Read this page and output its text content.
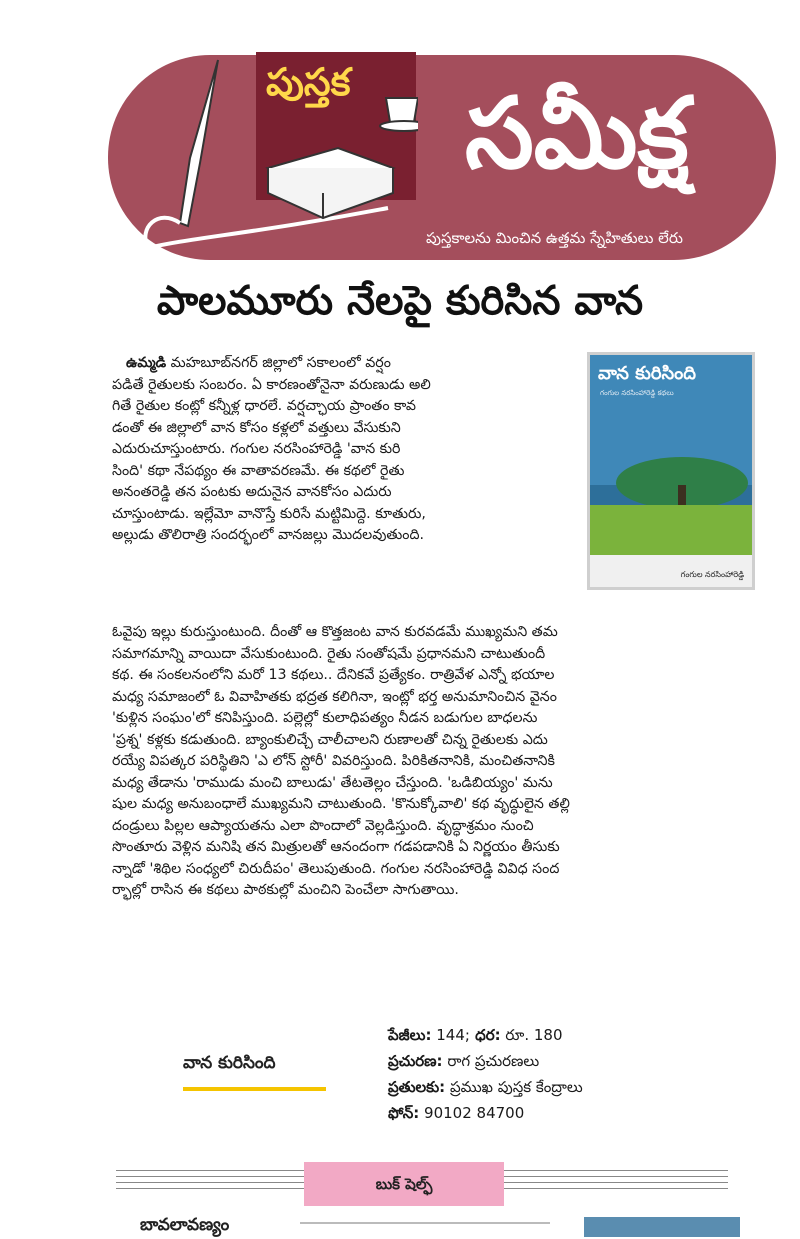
పుస్తక సమీక్ష
పుస్తకాలను మించిన ఉత్తమ స్నేహితులు లేరు
పాలమూరు నేలపై కురిసిన వాన
వాన కురిసింది
గంగుల నరసింహారెడ్డి కథలు
గంగుల నరసింహారెడ్డి
ఉమ్మడి మహబూబ్‌నగర్ జిల్లాలో సకాలంలో వర్షం
పడితే రైతులకు సంబరం. ఏ కారణంతోనైనా వరుణుడు అలి
గితే రైతుల కంట్లో కన్నీళ్ల ధారలే. వర్షచ్ఛాయ ప్రాంతం కావ
డంతో ఈ జిల్లాలో వాన కోసం కళ్లలో వత్తులు వేసుకుని
ఎదురుచూస్తుంటారు. గంగుల నరసింహారెడ్డి 'వాన కురి
సింది' కథా నేపథ్యం ఈ వాతావరణమే. ఈ కథలో రైతు
అనంతరెడ్డి తన పంటకు అదునైన వానకోసం ఎదురు
చూస్తుంటాడు. ఇల్లేమో వానొస్తే కురిసే మట్టిమిద్దె. కూతురు,
అల్లుడు తొలిరాత్రి సందర్భంలో వానజల్లు మొదలవుతుంది.
ఓవైపు ఇల్లు కురుస్తుంటుంది. దీంతో ఆ కొత్తజంట వాన కురవడమే ముఖ్యమని తమ
సమాగమాన్ని వాయిదా వేసుకుంటుంది. రైతు సంతోషమే ప్రధానమని చాటుతుందీ
కథ. ఈ సంకలనంలోని మరో 13 కథలు.. దేనికవే ప్రత్యేకం. రాత్రివేళ ఎన్నో భయాల
మధ్య సమాజంలో ఓ వివాహితకు భద్రత కలిగినా, ఇంట్లో భర్త అనుమానించిన వైనం
'కుళ్లిన సంఘం'లో కనిపిస్తుంది. పల్లెల్లో కులాధిపత్యం నీడన బడుగుల బాధలను
'ప్రశ్న' కళ్లకు కడుతుంది. బ్యాంకులిచ్చే చాలీచాలని రుణాలతో చిన్న రైతులకు ఎదు
రయ్యే విపత్కర పరిస్థితిని 'ఎ లోన్ స్టోరీ' వివరిస్తుంది. పిరికితనానికి, మంచితనానికి
మధ్య తేడాను 'రాముడు మంచి బాలుడు' తేటతెల్లం చేస్తుంది. 'ఒడిబియ్యం' మను
షుల మధ్య అనుబంధాలే ముఖ్యమని చాటుతుంది. 'కొనుక్కోవాలి' కథ వృద్ధులైన తల్లి
దండ్రులు పిల్లల ఆప్యాయతను ఎలా పొందాలో వెల్లడిస్తుంది. వృద్ధాశ్రమం నుంచి
సొంతూరు వెళ్లిన మనిషి తన మిత్రులతో ఆనందంగా గడపడానికి ఏ నిర్ణయం తీసుకు
న్నాడో 'శిథిల సంధ్యలో చిరుదీపం' తెలుపుతుంది. గంగుల నరసింహారెడ్డి వివిధ సంద
ర్భాల్లో రాసిన ఈ కథలు పాఠకుల్లో మంచిని పెంచేలా సాగుతాయి.
వాన కురిసింది
పేజీలు: 144; ధర: రూ. 180
ప్రచురణ: రాగ ప్రచురణలు
ప్రతులకు: ప్రముఖ పుస్తక కేంద్రాలు
ఫోన్: 90102 84700
బుక్ షెల్ఫ్
బావలావణ్యం
